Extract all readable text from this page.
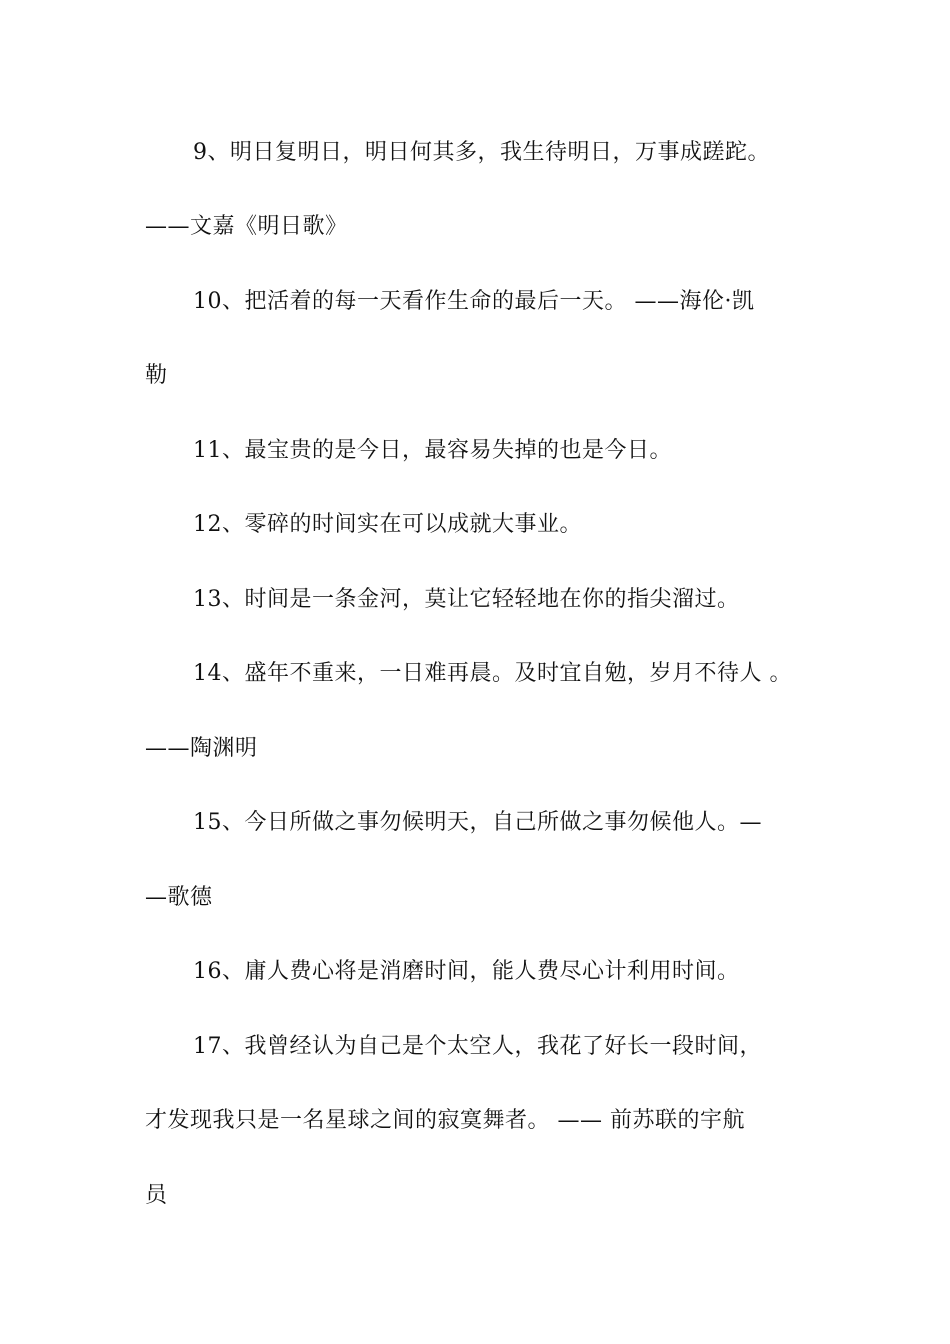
9、明日复明日，明日何其多，我生待明日，万事成蹉跎。
——文嘉《明日歌》
10、把活着的每一天看作生命的最后一天。 ——海伦·凯
勒
11、最宝贵的是今日，最容易失掉的也是今日。
12、零碎的时间实在可以成就大事业。
13、时间是一条金河，莫让它轻轻地在你的指尖溜过。
14、盛年不重来，一日难再晨。及时宜自勉，岁月不待人 。
——陶渊明
15、今日所做之事勿候明天，自己所做之事勿候他人。—
—歌德
16、庸人费心将是消磨时间，能人费尽心计利用时间。
17、我曾经认为自己是个太空人，我花了好长一段时间，
才发现我只是一名星球之间的寂寞舞者。 —— 前苏联的宇航
员
